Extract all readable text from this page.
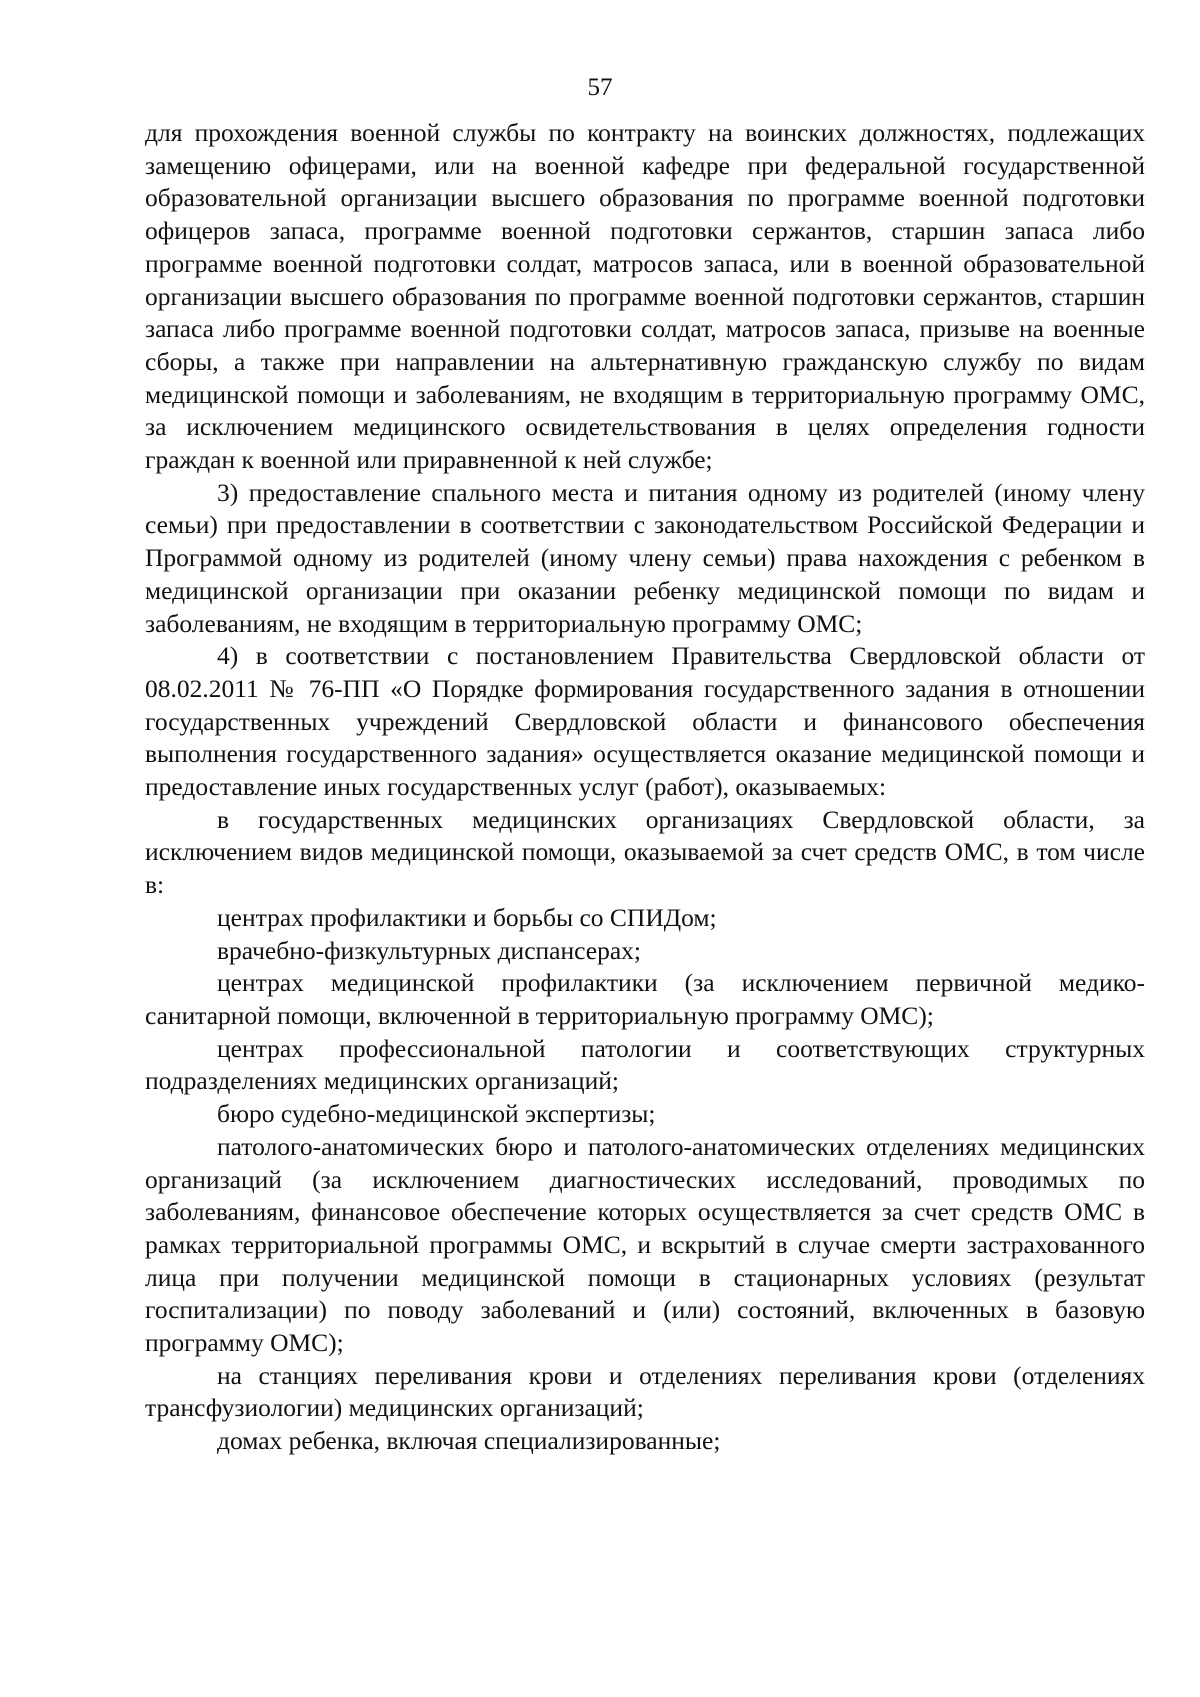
57

для прохождения военной службы по контракту на воинских должностях, подлежащих замещению офицерами, или на военной кафедре при федеральной государственной образовательной организации высшего образования по программе военной подготовки офицеров запаса, программе военной подготовки сержантов, старшин запаса либо программе военной подготовки солдат, матросов запаса, или в военной образовательной организации высшего образования по программе военной подготовки сержантов, старшин запаса либо программе военной подготовки солдат, матросов запаса, призыве на военные сборы, а также при направлении на альтернативную гражданскую службу по видам медицинской помощи и заболеваниям, не входящим в территориальную программу ОМС, за исключением медицинского освидетельствования в целях определения годности граждан к военной или приравненной к ней службе;

3) предоставление спального места и питания одному из родителей (иному члену семьи) при предоставлении в соответствии с законодательством Российской Федерации и Программой одному из родителей (иному члену семьи) права нахождения с ребенком в медицинской организации при оказании ребенку медицинской помощи по видам и заболеваниям, не входящим в территориальную программу ОМС;

4) в соответствии с постановлением Правительства Свердловской области от 08.02.2011 № 76-ПП «О Порядке формирования государственного задания в отношении государственных учреждений Свердловской области и финансового обеспечения выполнения государственного задания» осуществляется оказание медицинской помощи и предоставление иных государственных услуг (работ), оказываемых:

в государственных медицинских организациях Свердловской области, за исключением видов медицинской помощи, оказываемой за счет средств ОМС, в том числе в:

центрах профилактики и борьбы со СПИДом;

врачебно-физкультурных диспансерах;

центрах медицинской профилактики (за исключением первичной медико-санитарной помощи, включенной в территориальную программу ОМС);

центрах профессиональной патологии и соответствующих структурных подразделениях медицинских организаций;

бюро судебно-медицинской экспертизы;

патолого-анатомических бюро и патолого-анатомических отделениях медицинских организаций (за исключением диагностических исследований, проводимых по заболеваниям, финансовое обеспечение которых осуществляется за счет средств ОМС в рамках территориальной программы ОМС, и вскрытий в случае смерти застрахованного лица при получении медицинской помощи в стационарных условиях (результат госпитализации) по поводу заболеваний и (или) состояний, включенных в базовую программу ОМС);

на станциях переливания крови и отделениях переливания крови (отделениях трансфузиологии) медицинских организаций;

домах ребенка, включая специализированные;
